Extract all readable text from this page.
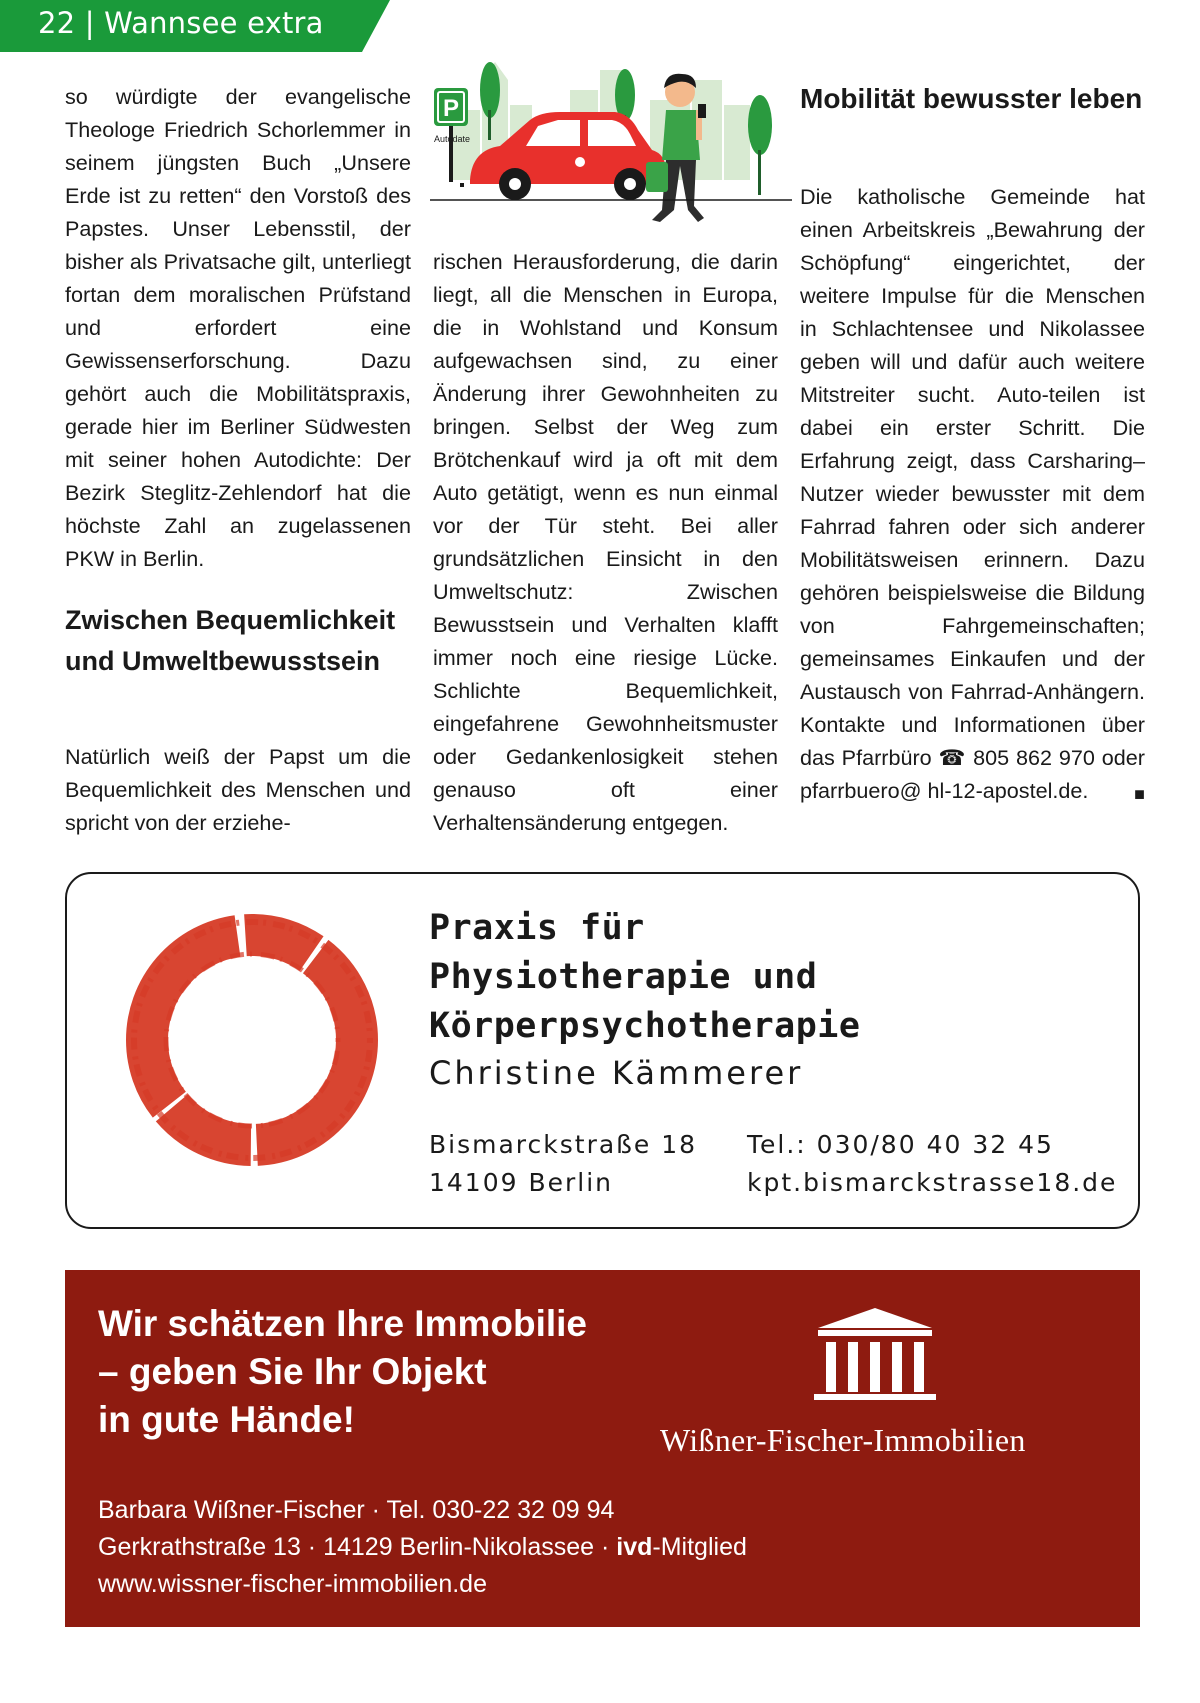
22 | Wannsee extra

so würdigte der evangelische Theologe Friedrich Schorlemmer in seinem jüngsten Buch „Unsere Erde ist zu retten“ den Vorstoß des Papstes. Unser Lebensstil, der bisher als Privatsache gilt, unterliegt fortan dem moralischen Prüfstand und erfordert eine Gewissenserforschung. Dazu gehört auch die Mobilitätspraxis, gerade hier im Berliner Südwesten mit seiner hohen Autodichte: Der Bezirk Steglitz-Zehlendorf hat die höchste Zahl an zugelassenen PKW in Berlin.

Zwischen Bequemlichkeit und Umweltbewusstsein

Natürlich weiß der Papst um die Bequemlichkeit des Menschen und spricht von der erziehe-

P
Autodate

rischen Herausforderung, die darin liegt, all die Menschen in Europa, die in Wohlstand und Konsum aufgewachsen sind, zu einer Änderung ihrer Gewohnheiten zu bringen. Selbst der Weg zum Brötchenkauf wird ja oft mit dem Auto getätigt, wenn es nun einmal vor der Tür steht. Bei aller grundsätzlichen Einsicht in den Umweltschutz: Zwischen Bewusstsein und Verhalten klafft immer noch eine riesige Lücke. Schlichte Bequemlichkeit, eingefahrene Gewohnheitsmuster oder Gedankenlosigkeit stehen genauso oft einer Verhaltensänderung entgegen.

Mobilität bewusster leben

Die katholische Gemeinde hat einen Arbeitskreis „Bewahrung der Schöpfung“ eingerichtet, der weitere Impulse für die Menschen in Schlachtensee und Nikolassee geben will und dafür auch weitere Mitstreiter sucht. Auto-teilen ist dabei ein erster Schritt. Die Erfahrung zeigt, dass Carsharing–Nutzer wieder bewusster mit dem Fahrrad fahren oder sich anderer Mobilitätsweisen erinnern. Dazu gehören beispielsweise die Bildung von Fahrgemeinschaften; gemeinsames Einkaufen und der Austausch von Fahrrad-Anhängern. Kontakte und Informationen über das Pfarrbüro ☎ 805 862 970 oder pfarrbuero@ hl-12-apostel.de.	■

Praxis für
Physiotherapie und
Körperpsychotherapie
Christine Kämmerer
Bismarckstraße 18
14109 Berlin
Tel.: 030/80 40 32 45
kpt.bismarckstrasse18.de
Wir schätzen Ihre Immobilie
– geben Sie Ihr Objekt
in gute Hände!	Wißner-Fischer-Immobilien
Barbara Wißner-Fischer · Tel. 030-22 32 09 94
Gerkrathstraße 13 · 14129 Berlin-Nikolassee · ivd-Mitglied
www.wissner-fischer-immobilien.de
